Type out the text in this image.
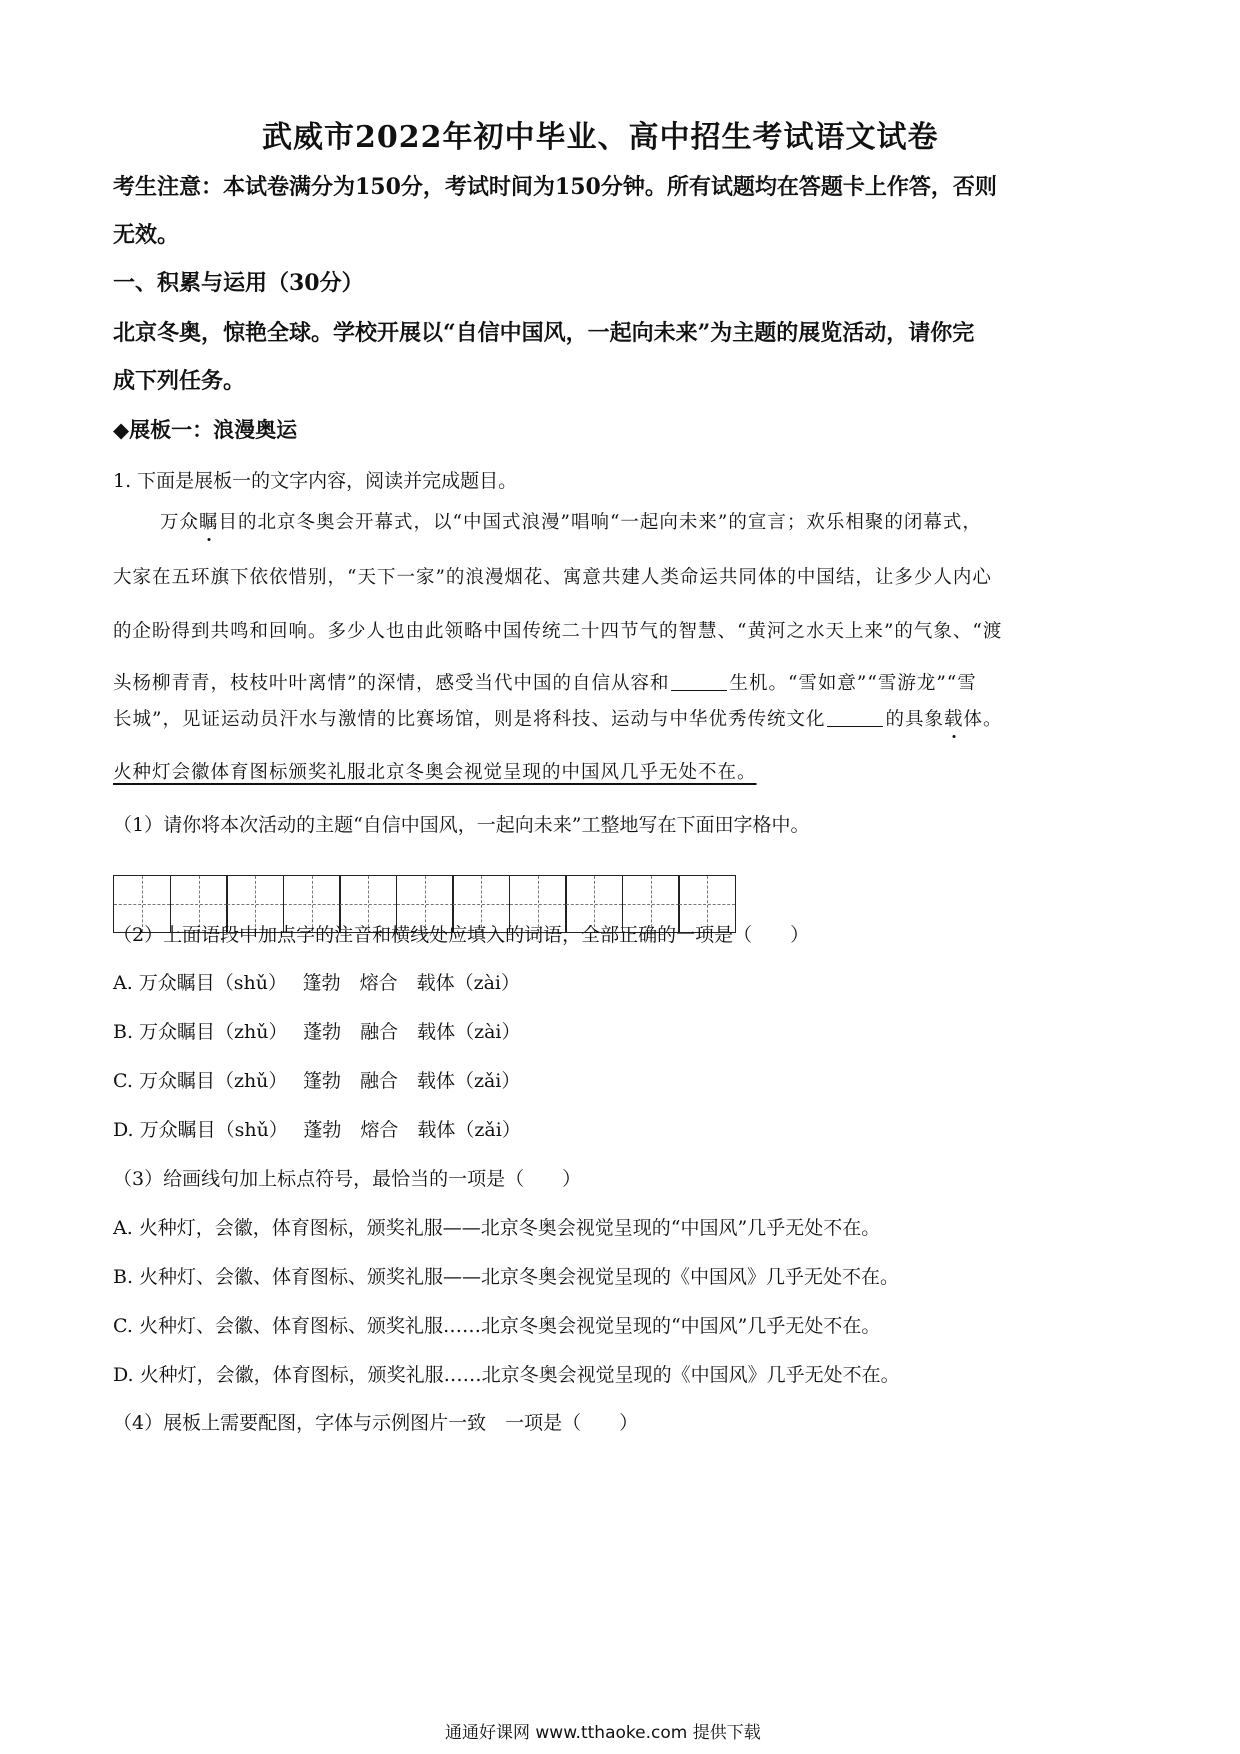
武威市2022年初中毕业、高中招生考试语文试卷
考生注意：本试卷满分为150分，考试时间为150分钟。所有试题均在答题卡上作答，否则
无效。
一、积累与运用（30分）
北京冬奥，惊艳全球。学校开展以“自信中国风，一起向未来”为主题的展览活动，请你完
成下列任务。
◆展板一：浪漫奥运
1. 下面是展板一的文字内容，阅读并完成题目。
万众瞩目的北京冬奥会开幕式，以“中国式浪漫”唱响“一起向未来”的宣言；欢乐相聚的闭幕式，
大家在五环旗下依依惜别，“天下一家”的浪漫烟花、寓意共建人类命运共同体的中国结，让多少人内心
的企盼得到共鸣和回响。多少人也由此领略中国传统二十四节气的智慧、“黄河之水天上来”的气象、“渡
头杨柳青青，枝枝叶叶离情”的深情，感受当代中国的自信从容和	生机。“雪如意”“雪游龙”“雪
长城”，见证运动员汗水与激情的比赛场馆，则是将科技、运动与中华优秀传统文化	的具象载体。
火种灯会徽体育图标颁奖礼服北京冬奥会视觉呈现的中国风几乎无处不在。
（1）请你将本次活动的主题“自信中国风，一起向未来”工整地写在下面田字格中。
（2）上面语段中加点字的注音和横线处应填入的词语，全部正确的一项是（　　）
A. 万众瞩目（shǔ）　 篷勃　熔合　载体（zài）
B. 万众瞩目（zhǔ）　 蓬勃　融合　载体（zài）
C. 万众瞩目（zhǔ）　 篷勃　融合　载体（zǎi）
D. 万众瞩目（shǔ）　 蓬勃　熔合　载体（zǎi）
（3）给画线句加上标点符号，最恰当的一项是（　　）
A. 火种灯，会徽，体育图标，颁奖礼服——北京冬奥会视觉呈现的“中国风”几乎无处不在。
B. 火种灯、会徽、体育图标、颁奖礼服——北京冬奥会视觉呈现的《中国风》几乎无处不在。
C. 火种灯、会徽、体育图标、颁奖礼服……北京冬奥会视觉呈现的“中国风”几乎无处不在。
D. 火种灯，会徽，体育图标，颁奖礼服……北京冬奥会视觉呈现的《中国风》几乎无处不在。
（4）展板上需要配图，字体与示例图片一致　一项是（　　）
通通好课网 www.tthaoke.com 提供下载
